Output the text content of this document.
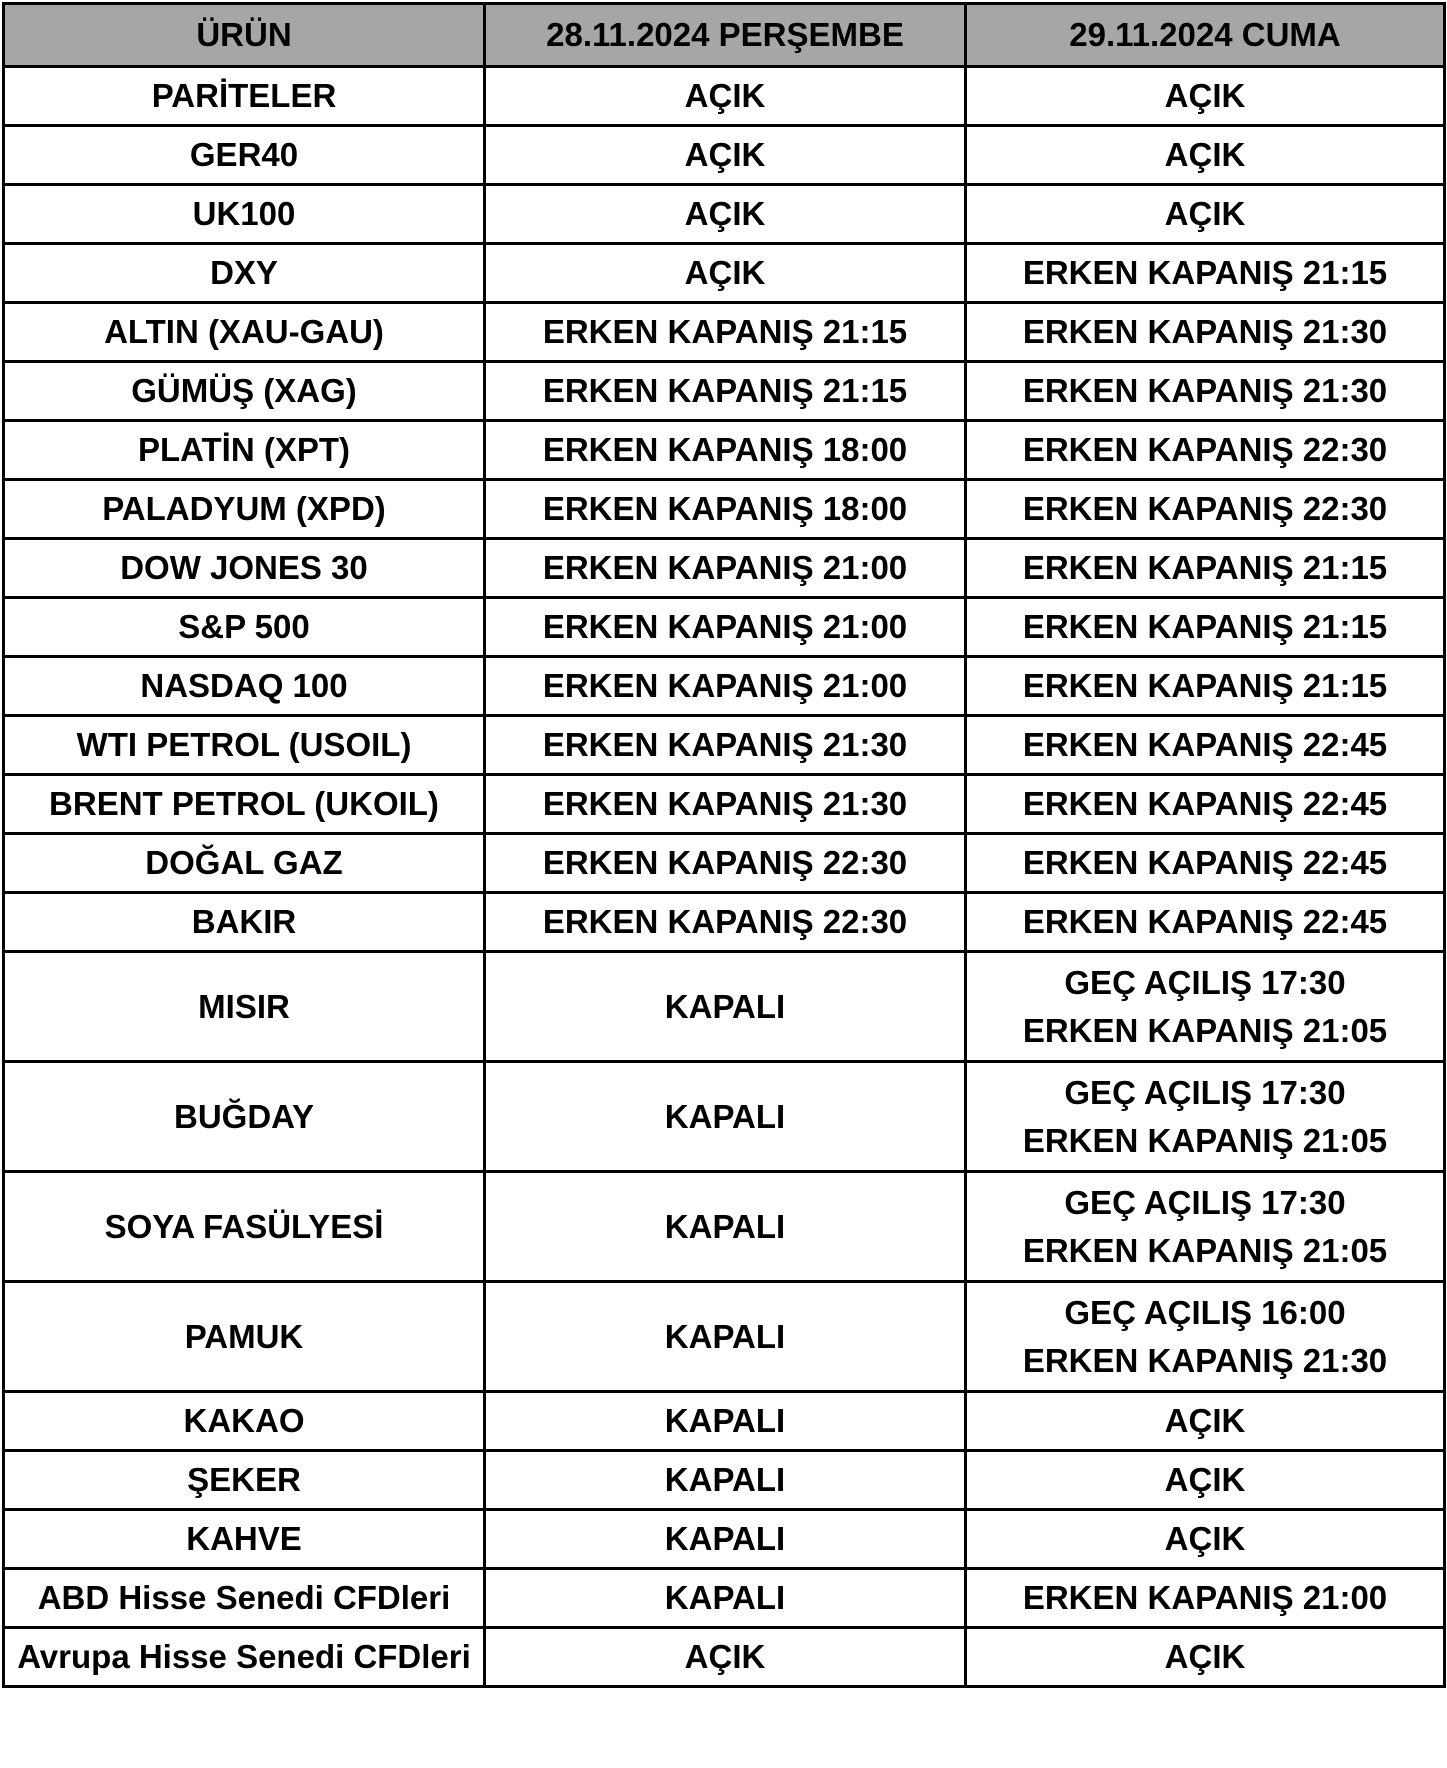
ÜRÜN	28.11.2024 PERŞEMBE	29.11.2024 CUMA
PARİTELER	AÇIK	AÇIK

GER40	AÇIK	AÇIK

UK100	AÇIK	AÇIK

DXY	AÇIK	ERKEN KAPANIŞ 21:15

ALTIN (XAU-GAU)	ERKEN KAPANIŞ 21:15	ERKEN KAPANIŞ 21:30

GÜMÜŞ (XAG)	ERKEN KAPANIŞ 21:15	ERKEN KAPANIŞ 21:30

PLATİN (XPT)	ERKEN KAPANIŞ 18:00	ERKEN KAPANIŞ 22:30

PALADYUM (XPD)	ERKEN KAPANIŞ 18:00	ERKEN KAPANIŞ 22:30

DOW JONES 30	ERKEN KAPANIŞ 21:00	ERKEN KAPANIŞ 21:15

S&P 500	ERKEN KAPANIŞ 21:00	ERKEN KAPANIŞ 21:15

NASDAQ 100	ERKEN KAPANIŞ 21:00	ERKEN KAPANIŞ 21:15

WTI PETROL (USOIL)	ERKEN KAPANIŞ 21:30	ERKEN KAPANIŞ 22:45

BRENT PETROL (UKOIL)	ERKEN KAPANIŞ 21:30	ERKEN KAPANIŞ 22:45

DOĞAL GAZ	ERKEN KAPANIŞ 22:30	ERKEN KAPANIŞ 22:45

BAKIR	ERKEN KAPANIŞ 22:30	ERKEN KAPANIŞ 22:45

MISIR	KAPALI	GEÇ AÇILIŞ 17:30
ERKEN KAPANIŞ 21:05

BUĞDAY	KAPALI	GEÇ AÇILIŞ 17:30
ERKEN KAPANIŞ 21:05

SOYA FASÜLYESİ	KAPALI	GEÇ AÇILIŞ 17:30
ERKEN KAPANIŞ 21:05

PAMUK	KAPALI	GEÇ AÇILIŞ 16:00
ERKEN KAPANIŞ 21:30

KAKAO	KAPALI	AÇIK

ŞEKER	KAPALI	AÇIK

KAHVE	KAPALI	AÇIK

ABD Hisse Senedi CFDleri	KAPALI	ERKEN KAPANIŞ 21:00

Avrupa Hisse Senedi CFDleri	AÇIK	AÇIK
